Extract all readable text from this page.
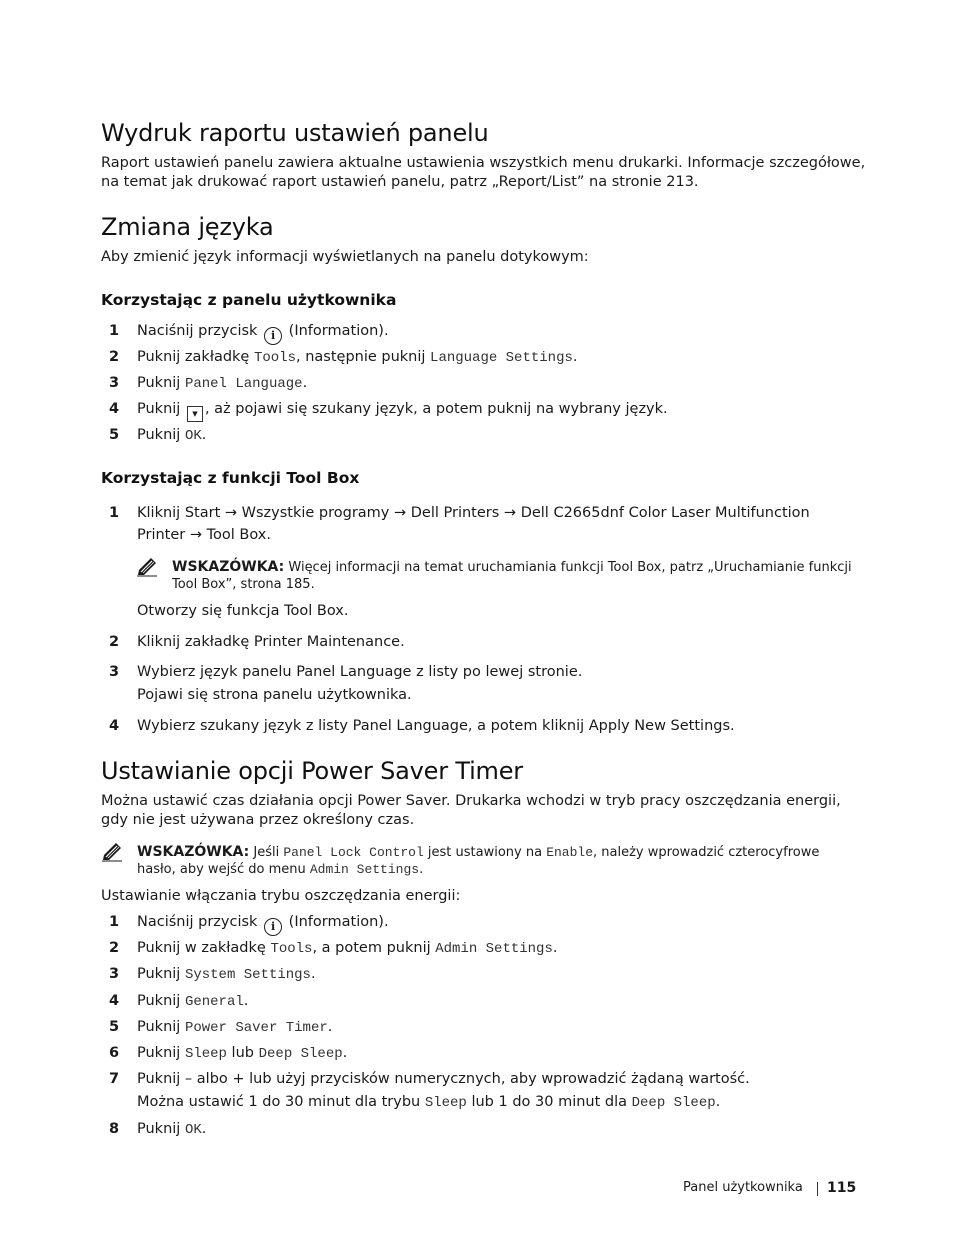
Wydruk raportu ustawień panelu

Raport ustawień panelu zawiera aktualne ustawienia wszystkich menu drukarki. Informacje szczegółowe,

na temat jak drukować raport ustawień panelu, patrz „Report/List” na stronie 213.

Zmiana języka

Aby zmienić język informacji wyświetlanych na panelu dotykowym:

Korzystając z panelu użytkownika
1 Naciśnij przycisk i (Information).
2 Puknij zakładkę Tools, następnie puknij Language Settings.
3 Puknij Panel Language.
4 Puknij ▼ , aż pojawi się szukany język, a potem puknij na wybrany język.
5 Puknij OK.
Korzystając z funkcji Tool Box
1 Kliknij Start → Wszystkie programy → Dell Printers → Dell C2665dnf Color Laser Multifunction
Printer → Tool Box.
WSKAZÓWKA: Więcej informacji na temat uruchamiania funkcji Tool Box, patrz „Uruchamianie funkcji
Tool Box”, strona 185.
Otworzy się funkcja Tool Box.
2 Kliknij zakładkę Printer Maintenance.
3 Wybierz język panelu Panel Language z listy po lewej stronie.
Pojawi się strona panelu użytkownika.
4 Wybierz szukany język z listy Panel Language, a potem kliknij Apply New Settings.
Ustawianie opcji Power Saver Timer

Można ustawić czas działania opcji Power Saver. Drukarka wchodzi w tryb pracy oszczędzania energii,

gdy nie jest używana przez określony czas.

WSKAZÓWKA: Jeśli Panel Lock Control jest ustawiony na Enable, należy wprowadzić czterocyfrowe
hasło, aby wejść do menu Admin Settings.

Ustawianie włączania trybu oszczędzania energii:

1 Naciśnij przycisk i (Information).
2 Puknij w zakładkę Tools, a potem puknij Admin Settings.
3 Puknij System Settings.
4 Puknij General.
5 Puknij Power Saver Timer.
6 Puknij Sleep lub Deep Sleep.
7 Puknij – albo + lub użyj przycisków numerycznych, aby wprowadzić żądaną wartość.
Można ustawić 1 do 30 minut dla trybu Sleep lub 1 do 30 minut dla Deep Sleep.
8 Puknij OK.
Panel użytkownika 115
